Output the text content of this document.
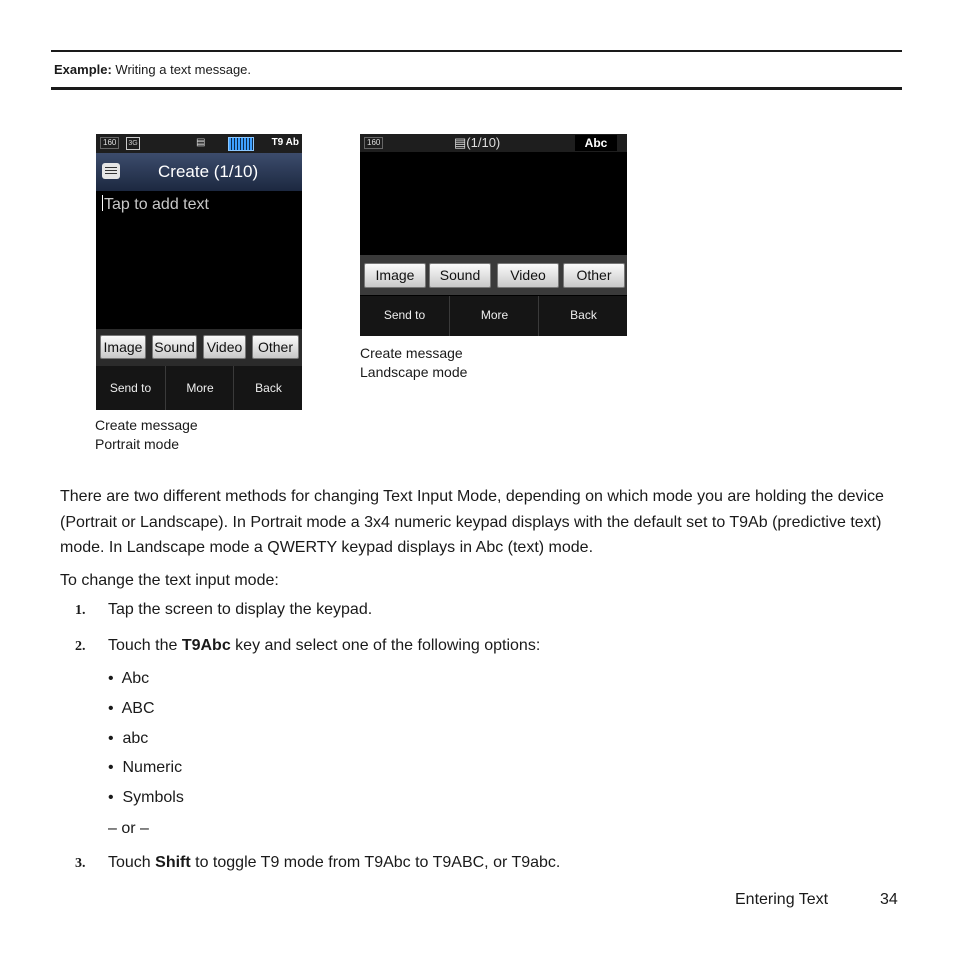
Example: Writing a text message.
160	3G	▤	T9 Ab
Create (1/10)
Tap to add text
Image Sound Video	Other
Send to	More	Back
Create message
Portrait mode
160	▤(1/10)	Abc
Image	Sound	Video	Other
Send to	More	Back
Create message
Landscape mode
There are two different methods for changing Text Input Mode, depending on which mode you are holding the device (Portrait or Landscape). In Portrait mode a 3x4 numeric keypad displays with the default set to T9Ab (predictive text) mode. In Landscape mode a QWERTY keypad displays in Abc (text) mode.
To change the text input mode:
1. Tap the screen to display the keypad.
2. Touch the T9Abc key and select one of the following options:
•  Abc
•  ABC
•  abc
•  Numeric
•  Symbols
– or –
3. Touch Shift to toggle T9 mode from T9Abc to T9ABC, or T9abc.
Entering Text	34
